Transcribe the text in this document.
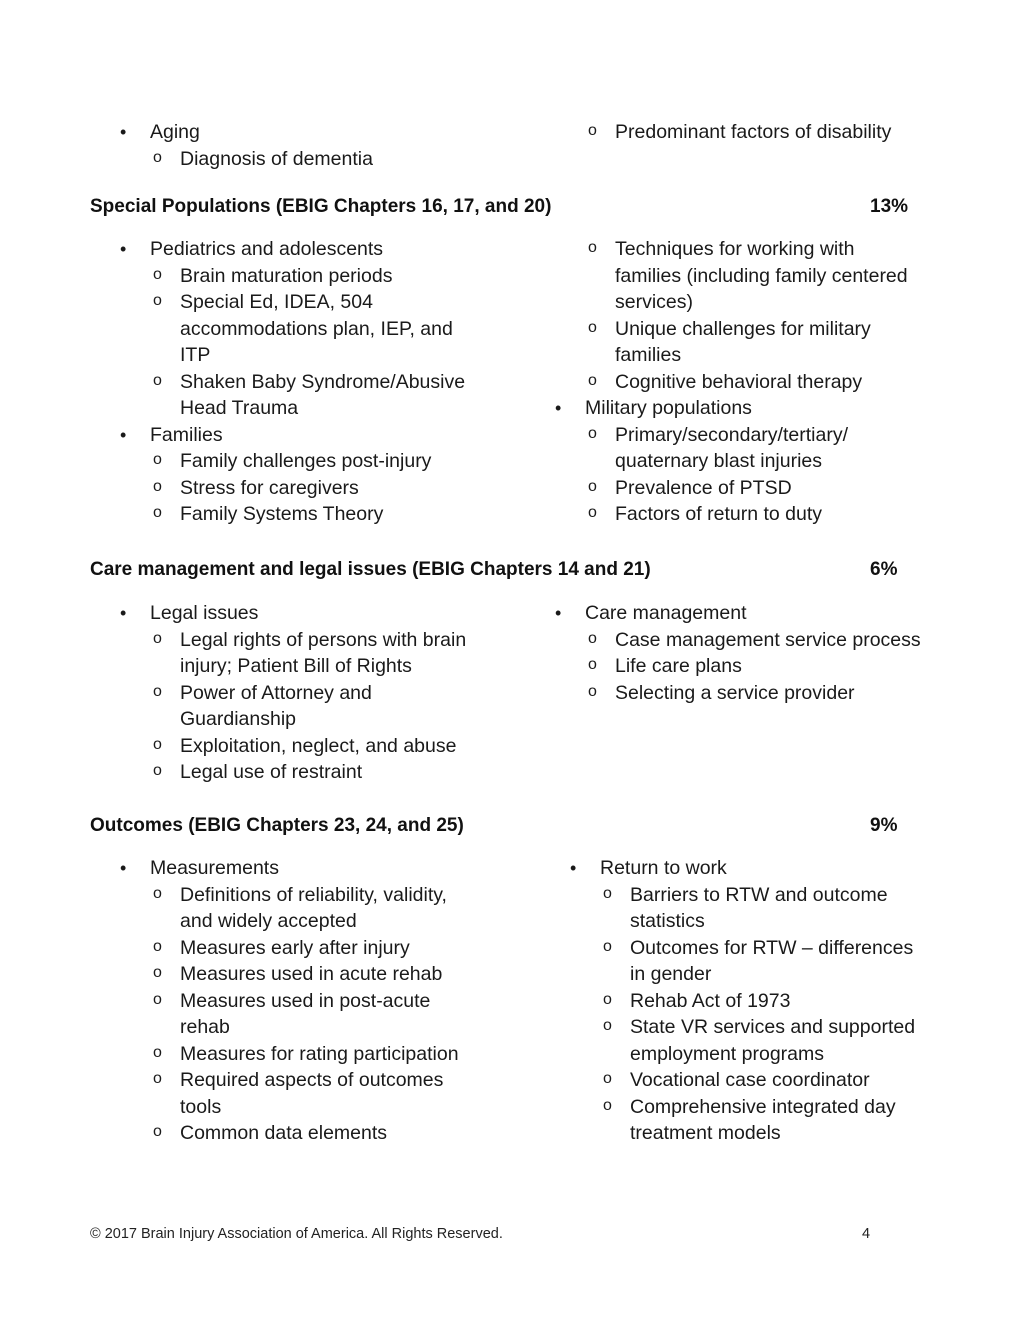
• Aging
o Diagnosis of dementia
o Predominant factors of disability
Special Populations (EBIG Chapters 16, 17, and 20)	13%
• Pediatrics and adolescents
o Brain maturation periods
o Special Ed, IDEA, 504
accommodations plan, IEP, and
ITP
o Shaken Baby Syndrome/Abusive
Head Trauma
• Families
o Family challenges post-injury
o Stress for caregivers
o Family Systems Theory
o Techniques for working with
families (including family centered
services)
o Unique challenges for military
families
o Cognitive behavioral therapy
• Military populations
o Primary/secondary/tertiary/
quaternary blast injuries
o Prevalence of PTSD
o Factors of return to duty
Care management and legal issues (EBIG Chapters 14 and 21)	6%
• Legal issues
o Legal rights of persons with brain
injury; Patient Bill of Rights
o Power of Attorney and
Guardianship
o Exploitation, neglect, and abuse
o Legal use of restraint
• Care management
o Case management service process
o Life care plans
o Selecting a service provider
Outcomes (EBIG Chapters 23, 24, and 25)	9%
• Measurements
o Definitions of reliability, validity,
and widely accepted
o Measures early after injury
o Measures used in acute rehab
o Measures used in post-acute
rehab
o Measures for rating participation
o Required aspects of outcomes
tools
o Common data elements
• Return to work
o Barriers to RTW and outcome
statistics
o Outcomes for RTW – differences
in gender
o Rehab Act of 1973
o State VR services and supported
employment programs
o Vocational case coordinator
o Comprehensive integrated day
treatment models
© 2017 Brain Injury Association of America. All Rights Reserved.	4
